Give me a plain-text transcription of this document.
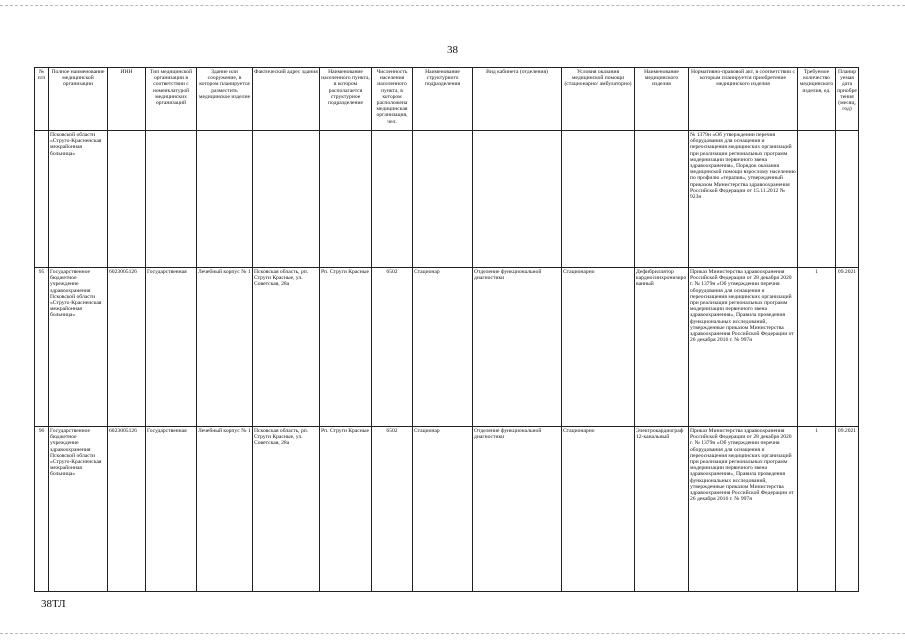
38
№ п/п	Полное наименование медицинской организации	ИНН	Тип медицинской организации в соответствии с номенклатурой медицинских организаций	Здание или сооружение, в котором планируется разместить медицинское изделие	Фактический адрес здания	Наименование населенного пункта, в котором располагается структурное подразделение	Численность населения населенного пункта, в котором расположена медицинская организация, чел.	Наименование структурного подразделения	Вид кабинета (отделения)	Условия оказания медицинской помощи (стационарно/ амбулаторно)	Наименование медицинского изделия	Нормативно-правовой акт, в соответствии с которым планируется приобретение медицинского изделия	Требуемое количество медицинского изделия, ед.	Планируемая дата приобретения (месяц, год)
	Псковской области «Струго-Красненская межрайонная больница»											№ 1379н «Об утверждении перечня оборудования для оснащения и переоснащения медицинских организаций при реализации региональных программ модернизации первичного звена здравоохранения», Порядок оказания медицинской помощи взрослому населению по профилю «терапия», утвержденный приказом Министерства здравоохранения Российской Федерации от 15.11.2012 № 923н		
95	Государственное бюджетное учреждение здравоохранения Псковской области «Струго-Красненская межрайонная больница»	6023005126	Государственная	Лечебный корпус № 1	Псковская область, рп. Струги Красные, ул. Советская, 28а	Рп. Струги Красные	6502	Стационар	Отделение функциональной диагностики	Стационарно	Дефибриллятор кардиосинхронизированный	Приказ Министерства здравоохранения Российской Федерации от 28 декабря 2020 г. № 1379н «Об утверждении перечня оборудования для оснащения и переоснащения медицинских организаций при реализации региональных программ модернизации первичного звена здравоохранения», Правила проведения функциональных исследований, утвержденные приказом Министерства здравоохранения Российской Федерации от 26 декабря 2016 г. № 997н	1	09.2021
96	Государственное бюджетное учреждение здравоохранения Псковской области «Струго-Красненская межрайонная больница»	6023005126	Государственная	Лечебный корпус № 1	Псковская область, рп. Струги Красные, ул. Советская, 28а	Рп. Струги Красные	6502	Стационар	Отделение функциональной диагностики	Стационарно	Электрокардиограф 12-канальный	Приказ Министерства здравоохранения Российской Федерации от 28 декабря 2020 г. № 1379н «Об утверждении перечня оборудования для оснащения и переоснащения медицинских организаций при реализации региональных программ модернизации первичного звена здравоохранения», Правила проведения функциональных исследований, утвержденные приказом Министерства здравоохранения Российской Федерации от 26 декабря 2016 г. № 997н	1	09.2021
38ТЛ
